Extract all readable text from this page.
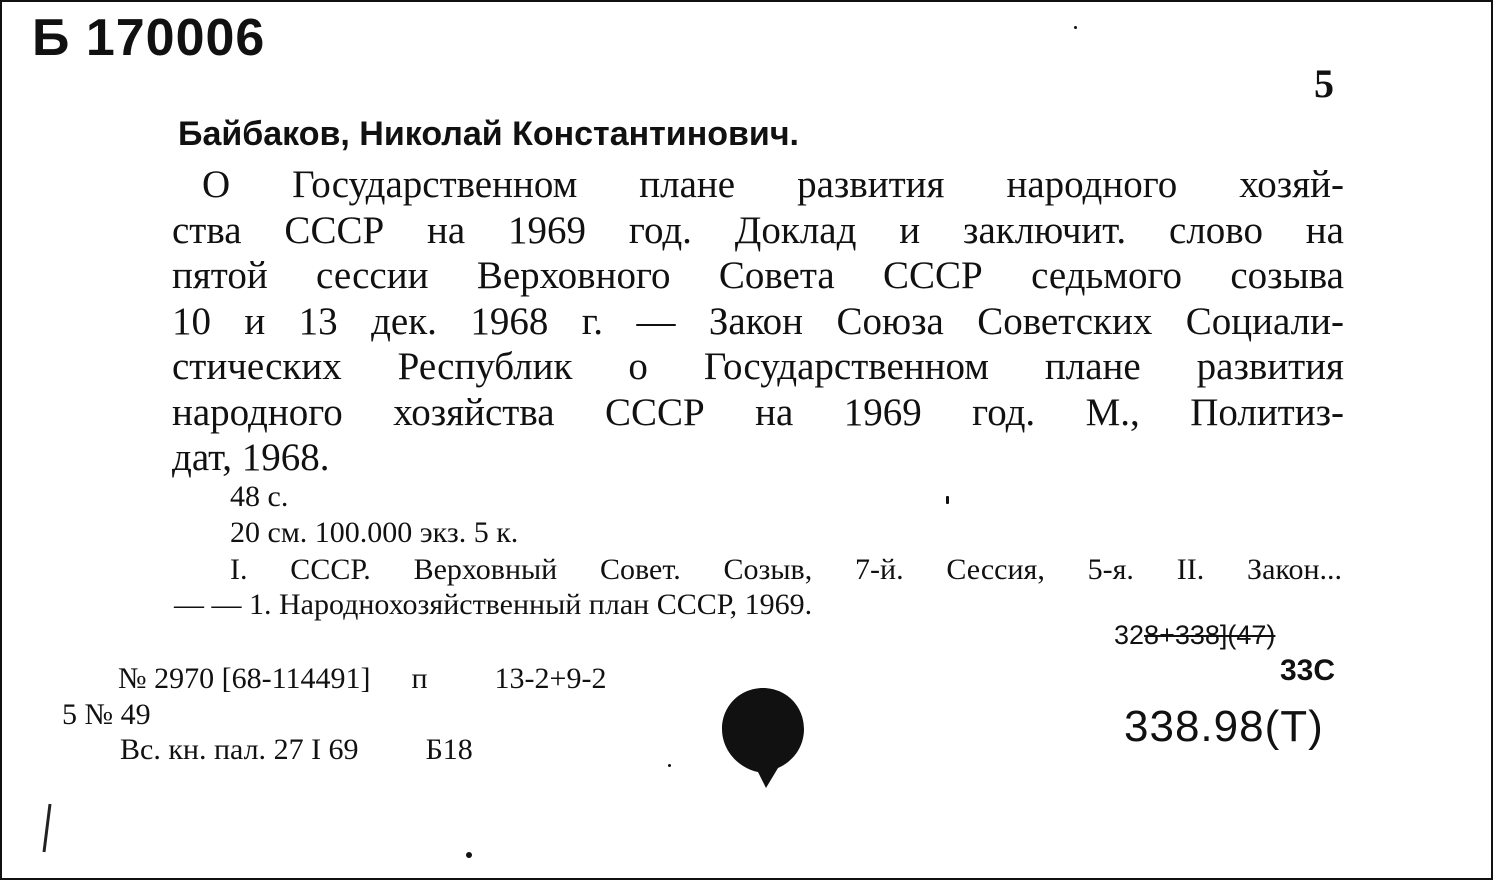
Б 170006
5
Байбаков, Николай Константинович.
О Государственном плане развития народного хозяй-
ства СССР на 1969 год. Доклад и заключит. слово на
пятой сессии Верховного Совета СССР седьмого созыва
10 и 13 дек. 1968 г. — Закон Союза Советских Социали-
стических Республик о Государственном плане развития
народного хозяйства СССР на 1969 год. М., Политиз-
дат, 1968.
48 с.
20 см. 100.000 экз. 5 к.
I. СССР. Верховный Совет. Созыв, 7-й. Сессия, 5-я. II. Закон...
— — 1. Народнохозяйственный план СССР, 1969.
328+338](47)
33С
338.98(Т)
№ 2970 [68-114491] п 13-2+9-2
5 № 49
Вс. кн. пал. 27 I 69 Б18
